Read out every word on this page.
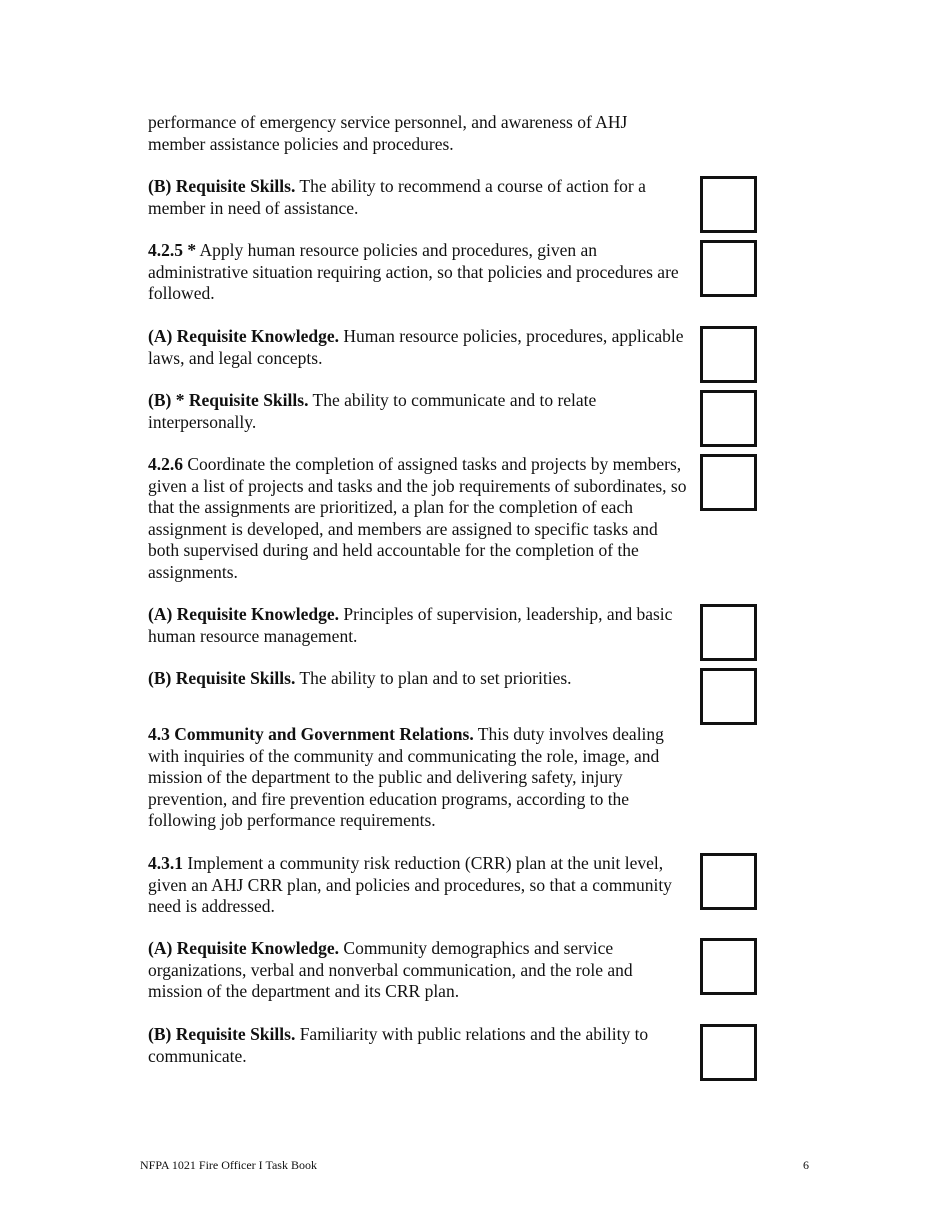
performance of emergency service personnel, and awareness of AHJ member assistance policies and procedures.
(B) Requisite Skills. The ability to recommend a course of action for a member in need of assistance.
4.2.5 * Apply human resource policies and procedures, given an administrative situation requiring action, so that policies and procedures are followed.
(A) Requisite Knowledge. Human resource policies, procedures, applicable laws, and legal concepts.
(B) * Requisite Skills. The ability to communicate and to relate interpersonally.
4.2.6 Coordinate the completion of assigned tasks and projects by members, given a list of projects and tasks and the job requirements of subordinates, so that the assignments are prioritized, a plan for the completion of each assignment is developed, and members are assigned to specific tasks and both supervised during and held accountable for the completion of the assignments.
(A) Requisite Knowledge. Principles of supervision, leadership, and basic human resource management.
(B) Requisite Skills. The ability to plan and to set priorities.
4.3 Community and Government Relations. This duty involves dealing with inquiries of the community and communicating the role, image, and mission of the department to the public and delivering safety, injury prevention, and fire prevention education programs, according to the following job performance requirements.
4.3.1 Implement a community risk reduction (CRR) plan at the unit level, given an AHJ CRR plan, and policies and procedures, so that a community need is addressed.
(A) Requisite Knowledge. Community demographics and service organizations, verbal and nonverbal communication, and the role and mission of the department and its CRR plan.
(B) Requisite Skills. Familiarity with public relations and the ability to communicate.
NFPA 1021 Fire Officer I Task Book	6
